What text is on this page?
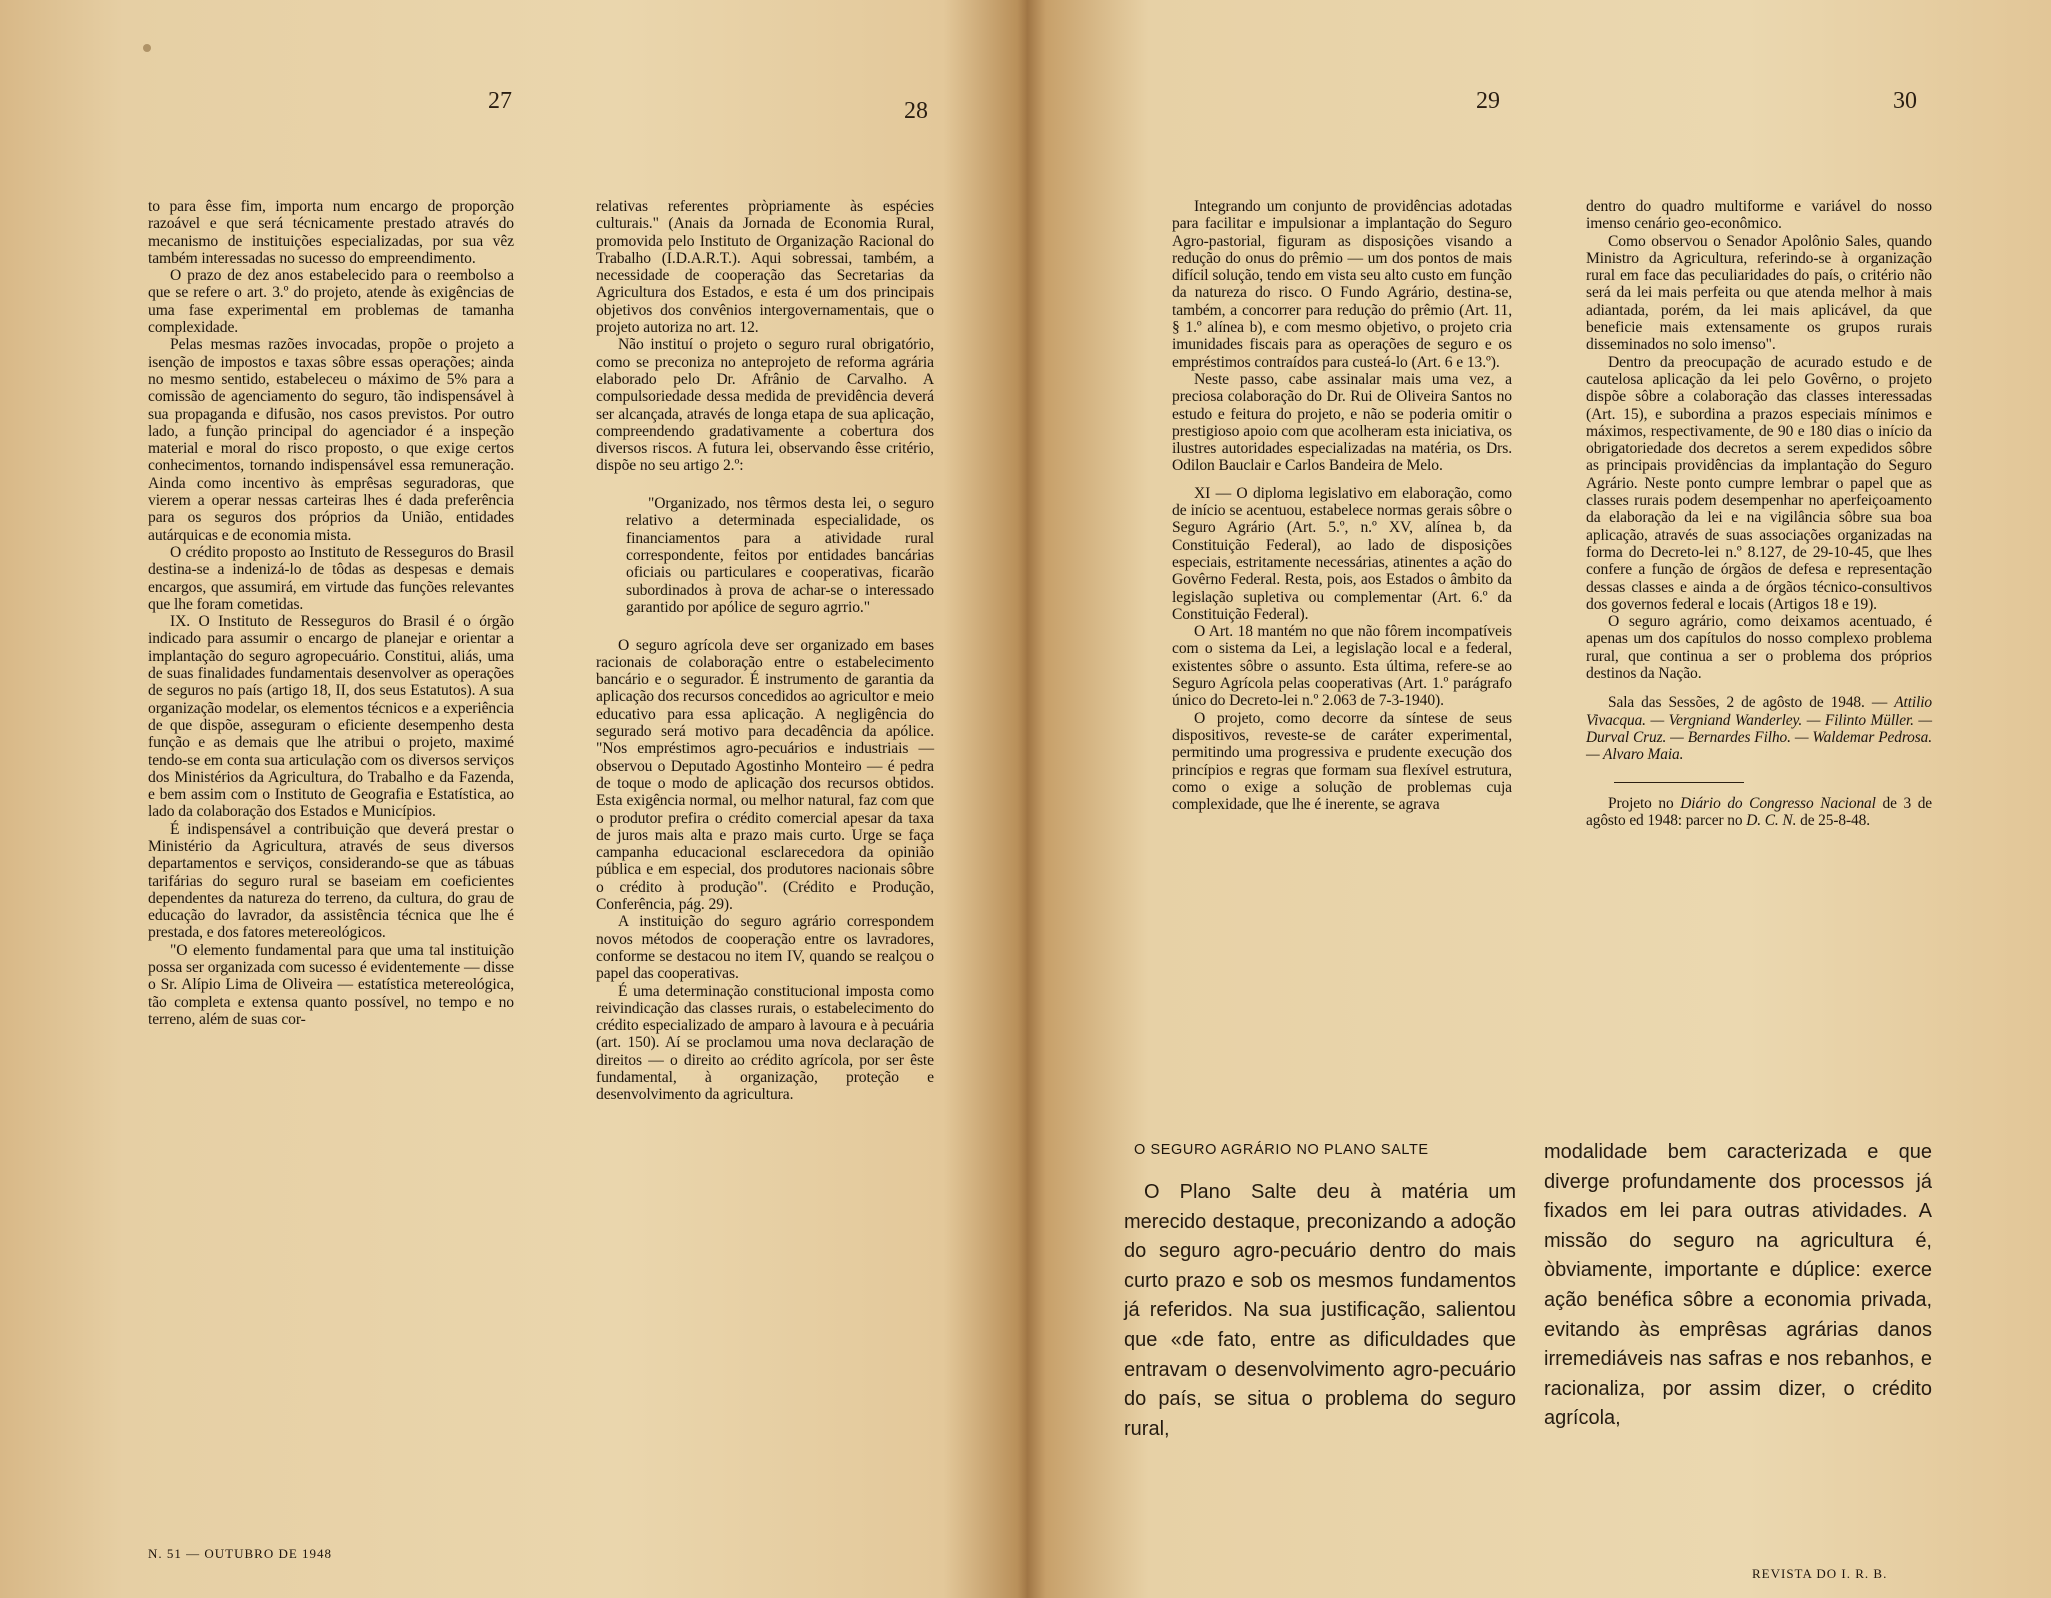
27	28	29	30

to para êsse fim, importa num encargo de proporção razoável e que será técnicamente prestado através do mecanismo de instituições especializadas, por sua vêz também interessadas no sucesso do empreendimento.

O prazo de dez anos estabelecido para o reembolso a que se refere o art. 3.º do projeto, atende às exigências de uma fase experimental em problemas de tamanha complexidade.

Pelas mesmas razões invocadas, propõe o projeto a isenção de impostos e taxas sôbre essas operações; ainda no mesmo sentido, estabeleceu o máximo de 5% para a comissão de agenciamento do seguro, tão indispensável à sua propaganda e difusão, nos casos previstos. Por outro lado, a função principal do agenciador é a inspeção material e moral do risco proposto, o que exige certos conhecimentos, tornando indispensável essa remuneração. Ainda como incentivo às emprêsas seguradoras, que vierem a operar nessas carteiras lhes é dada preferência para os seguros dos próprios da União, entidades autárquicas e de economia mista.

O crédito proposto ao Instituto de Resseguros do Brasil destina-se a indenizá-lo de tôdas as despesas e demais encargos, que assumirá, em virtude das funções relevantes que lhe foram cometidas.

IX. O Instituto de Resseguros do Brasil é o órgão indicado para assumir o encargo de planejar e orientar a implantação do seguro agropecuário. Constitui, aliás, uma de suas finalidades fundamentais desenvolver as operações de seguros no país (artigo 18, II, dos seus Estatutos). A sua organização modelar, os elementos técnicos e a experiência de que dispõe, asseguram o eficiente desempenho desta função e as demais que lhe atribui o projeto, maximé tendo-se em conta sua articulação com os diversos serviços dos Ministérios da Agricultura, do Trabalho e da Fazenda, e bem assim com o Instituto de Geografia e Estatística, ao lado da colaboração dos Estados e Municípios.

É indispensável a contribuição que deverá prestar o Ministério da Agricultura, através de seus diversos departamentos e serviços, considerando-se que as tábuas tarifárias do seguro rural se baseiam em coeficientes dependentes da natureza do terreno, da cultura, do grau de educação do lavrador, da assistência técnica que lhe é prestada, e dos fatores metereológicos.

"O elemento fundamental para que uma tal instituição possa ser organizada com sucesso é evidentemente — disse o Sr. Alípio Lima de Oliveira — estatística metereológica, tão completa e extensa quanto possível, no tempo e no terreno, além de suas cor-

relativas referentes pròpriamente às espécies culturais." (Anais da Jornada de Economia Rural, promovida pelo Instituto de Organização Racional do Trabalho (I.D.A.R.T.). Aqui sobressai, também, a necessidade de cooperação das Secretarias da Agricultura dos Estados, e esta é um dos principais objetivos dos convênios intergovernamentais, que o projeto autoriza no art. 12.

Não instituí o projeto o seguro rural obrigatório, como se preconiza no anteprojeto de reforma agrária elaborado pelo Dr. Afrânio de Carvalho. A compulsoriedade dessa medida de previdência deverá ser alcançada, através de longa etapa de sua aplicação, compreendendo gradativamente a cobertura dos diversos riscos. A futura lei, observando êsse critério, dispõe no seu artigo 2.º:

"Organizado, nos têrmos desta lei, o seguro relativo a determinada especialidade, os financiamentos para a atividade rural correspondente, feitos por entidades bancárias oficiais ou particulares e cooperativas, ficarão subordinados à prova de achar-se o interessado garantido por apólice de seguro agrrio."

O seguro agrícola deve ser organizado em bases racionais de colaboração entre o estabelecimento bancário e o segurador. É instrumento de garantia da aplicação dos recursos concedidos ao agricultor e meio educativo para essa aplicação. A negligência do segurado será motivo para decadência da apólice. "Nos empréstimos agro-pecuários e industriais — observou o Deputado Agostinho Monteiro — é pedra de toque o modo de aplicação dos recursos obtidos. Esta exigência normal, ou melhor natural, faz com que o produtor prefira o crédito comercial apesar da taxa de juros mais alta e prazo mais curto. Urge se faça campanha educacional esclarecedora da opinião pública e em especial, dos produtores nacionais sôbre o crédito à produção". (Crédito e Produção, Conferência, pág. 29).

A instituição do seguro agrário correspondem novos métodos de cooperação entre os lavradores, conforme se destacou no item IV, quando se realçou o papel das cooperativas.

É uma determinação constitucional imposta como reivindicação das classes rurais, o estabelecimento do crédito especializado de amparo à lavoura e à pecuária (art. 150). Aí se proclamou uma nova declaração de direitos — o direito ao crédito agrícola, por ser êste fundamental, à organização, proteção e desenvolvimento da agricultura.

Integrando um conjunto de providências adotadas para facilitar e impulsionar a implantação do Seguro Agro-pastorial, figuram as disposições visando a redução do onus do prêmio — um dos pontos de mais difícil solução, tendo em vista seu alto custo em função da natureza do risco. O Fundo Agrário, destina-se, também, a concorrer para redução do prêmio (Art. 11, § 1.º alínea b), e com mesmo objetivo, o projeto cria imunidades fiscais para as operações de seguro e os empréstimos contraídos para custeá-lo (Art. 6 e 13.º).

Neste passo, cabe assinalar mais uma vez, a preciosa colaboração do Dr. Rui de Oliveira Santos no estudo e feitura do projeto, e não se poderia omitir o prestigioso apoio com que acolheram esta iniciativa, os ilustres autoridades especializadas na matéria, os Drs. Odilon Bauclair e Carlos Bandeira de Melo.

XI — O diploma legislativo em elaboração, como de início se acentuou, estabelece normas gerais sôbre o Seguro Agrário (Art. 5.º, n.º XV, alínea b, da Constituição Federal), ao lado de disposições especiais, estritamente necessárias, atinentes a ação do Govêrno Federal. Resta, pois, aos Estados o âmbito da legislação supletiva ou complementar (Art. 6.º da Constituição Federal).

O Art. 18 mantém no que não fôrem incompatíveis com o sistema da Lei, a legislação local e a federal, existentes sôbre o assunto. Esta última, refere-se ao Seguro Agrícola pelas cooperativas (Art. 1.º parágrafo único do Decreto-lei n.º 2.063 de 7-3-1940).

O projeto, como decorre da síntese de seus dispositivos, reveste-se de caráter experimental, permitindo uma progressiva e prudente execução dos princípios e regras que formam sua flexível estrutura, como o exige a solução de problemas cuja complexidade, que lhe é inerente, se agrava

dentro do quadro multiforme e variável do nosso imenso cenário geo-econômico.

Como observou o Senador Apolônio Sales, quando Ministro da Agricultura, referindo-se à organização rural em face das peculiaridades do país, o critério não será da lei mais perfeita ou que atenda melhor à mais adiantada, porém, da lei mais aplicável, da que beneficie mais extensamente os grupos rurais disseminados no solo imenso".

Dentro da preocupação de acurado estudo e de cautelosa aplicação da lei pelo Govêrno, o projeto dispõe sôbre a colaboração das classes interessadas (Art. 15), e subordina a prazos especiais mínimos e máximos, respectivamente, de 90 e 180 dias o início da obrigatoriedade dos decretos a serem expedidos sôbre as principais providências da implantação do Seguro Agrário. Neste ponto cumpre lembrar o papel que as classes rurais podem desempenhar no aperfeiçoamento da elaboração da lei e na vigilância sôbre sua boa aplicação, através de suas associações organizadas na forma do Decreto-lei n.º 8.127, de 29-10-45, que lhes confere a função de órgãos de defesa e representação dessas classes e ainda a de órgãos técnico-consultivos dos governos federal e locais (Artigos 18 e 19).

O seguro agrário, como deixamos acentuado, é apenas um dos capítulos do nosso complexo problema rural, que continua a ser o problema dos próprios destinos da Nação.

Sala das Sessões, 2 de agôsto de 1948. — Attilio Vivacqua. — Vergniand Wanderley. — Filinto Müller. — Durval Cruz. — Bernardes Filho. — Waldemar Pedrosa. — Alvaro Maia.

Projeto no Diário do Congresso Nacional de 3 de agôsto ed 1948: parcer no D. C. N. de 25-8-48.

O SEGURO AGRÁRIO NO PLANO SALTE

O Plano Salte deu à matéria um merecido destaque, preconizando a adoção do seguro agro-pecuário dentro do mais curto prazo e sob os mesmos fundamentos já referidos. Na sua justificação, salientou que «de fato, entre as dificuldades que entravam o desenvolvimento agro-pecuário do país, se situa o problema do seguro rural,

modalidade bem caracterizada e que diverge profundamente dos processos já fixados em lei para outras atividades. A missão do seguro na agricultura é, òbviamente, importante e dúplice: exerce ação benéfica sôbre a economia privada, evitando às emprêsas agrárias danos irremediáveis nas safras e nos rebanhos, e racionaliza, por assim dizer, o crédito agrícola,

N. 51 — OUTUBRO DE 1948
REVISTA DO I. R. B.
